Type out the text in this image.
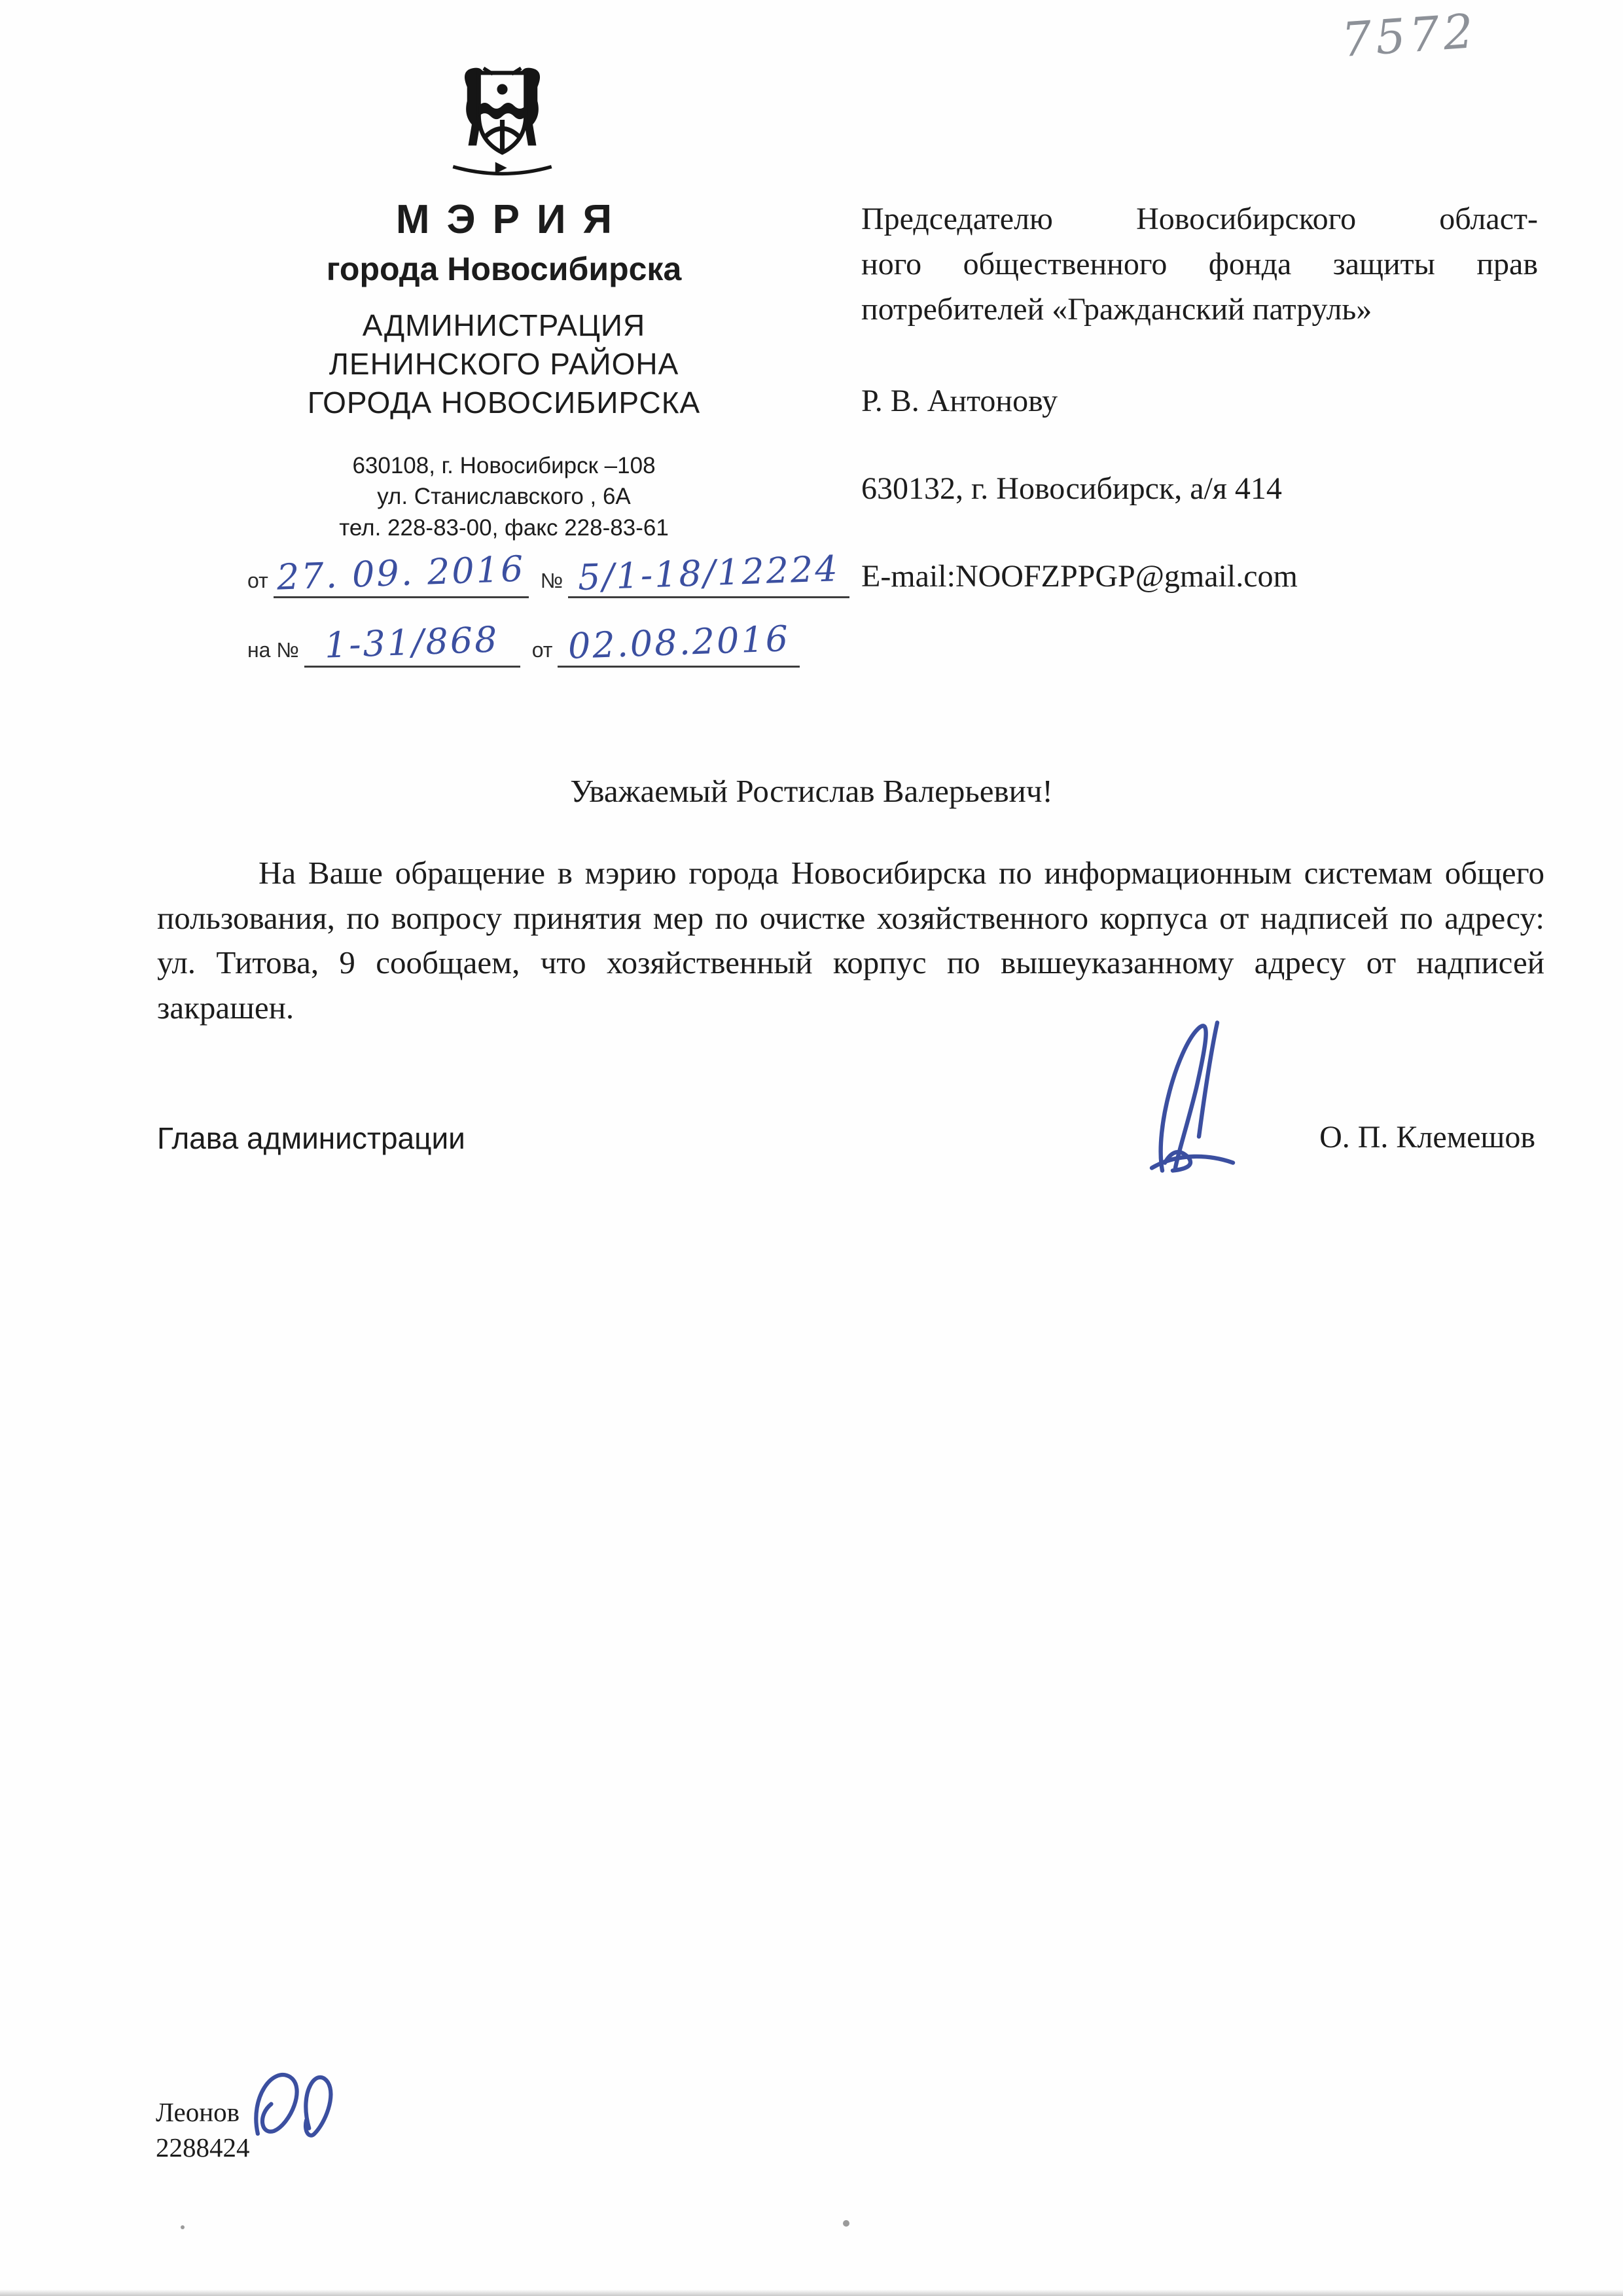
7572
МЭРИЯ
города Новосибирска
АДМИНИСТРАЦИЯ
ЛЕНИНСКОГО РАЙОНА
ГОРОДА НОВОСИБИРСКА
630108, г. Новосибирск –108
ул. Станиславского , 6А
тел. 228-83-00, факс 228-83-61
от 27. 09. 2016 № 5/1-18/12224
на № 1-31/868 от 02.08.2016
Председателю Новосибирского област-
ного общественного фонда защиты прав
потребителей «Гражданский патруль»
Р. В. Антонову
630132, г. Новосибирск, а/я 414
E-mail:NOOFZPPGP@gmail.com
Уважаемый Ростислав Валерьевич!
На Ваше обращение в мэрию города Новосибирска по информационным системам общего пользования, по вопросу принятия мер по очистке хозяйственного корпуса от надписей по адресу: ул. Титова, 9 сообщаем, что хозяйственный корпус по вышеуказанному адресу от надписей закрашен.
Глава администрации	О. П. Клемешов
Леонов
2288424
